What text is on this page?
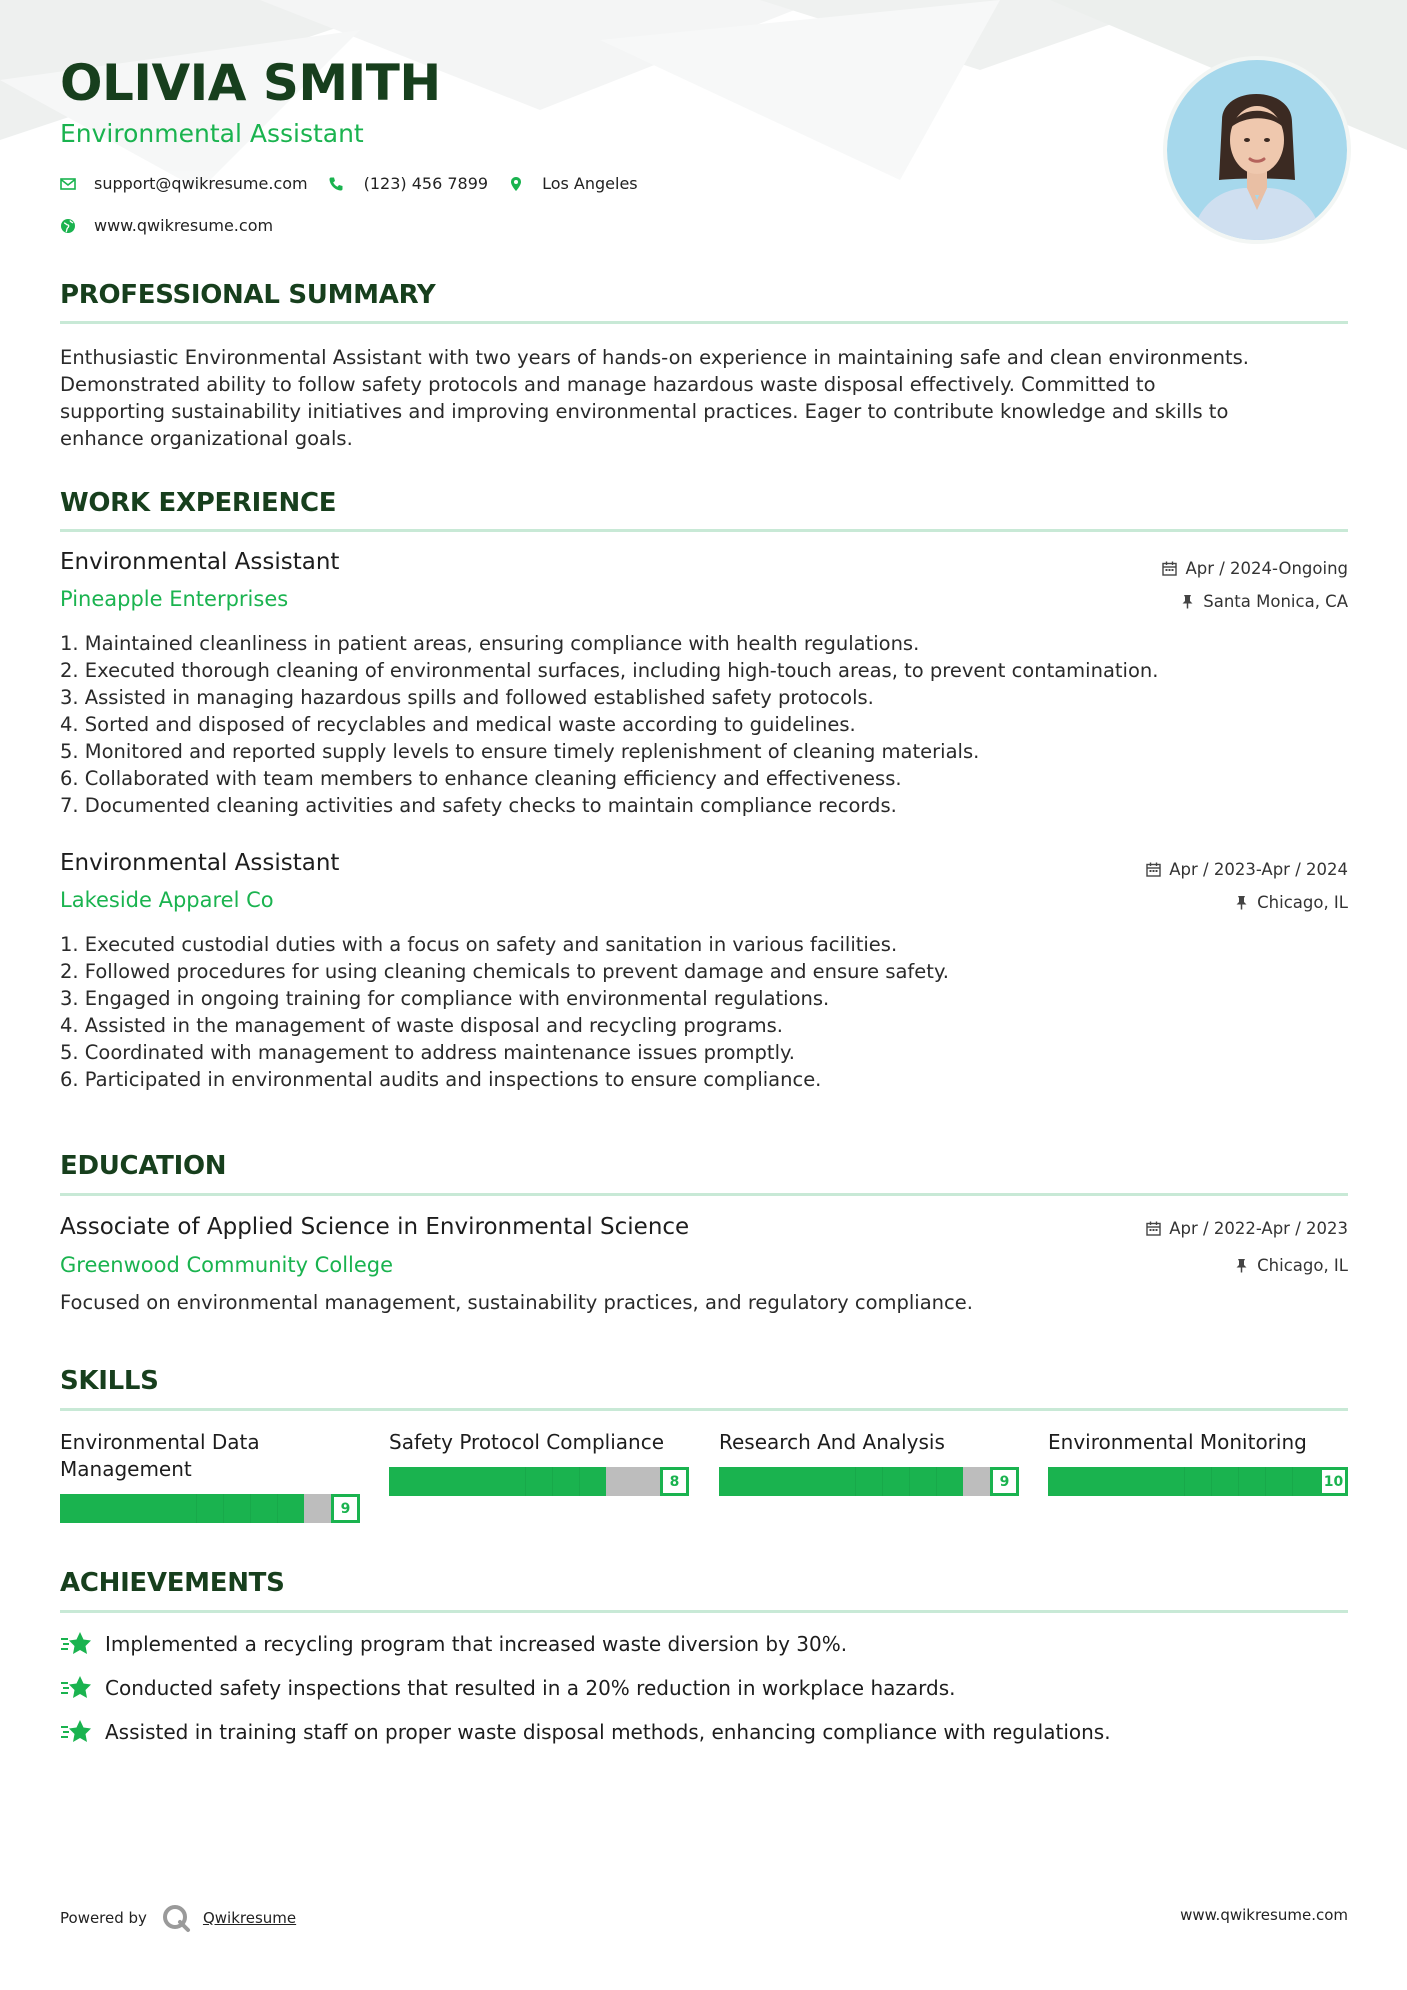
OLIVIA SMITH
Environmental Assistant
support@qwikresume.com	(123) 456 7899	Los Angeles
www.qwikresume.com
PROFESSIONAL SUMMARY
Enthusiastic Environmental Assistant with two years of hands-on experience in maintaining safe and clean environments.
Demonstrated ability to follow safety protocols and manage hazardous waste disposal effectively. Committed to
supporting sustainability initiatives and improving environmental practices. Eager to contribute knowledge and skills to
enhance organizational goals.
WORK EXPERIENCE
Environmental Assistant
Pineapple Enterprises
Apr / 2024-Ongoing
Santa Monica, CA
1. Maintained cleanliness in patient areas, ensuring compliance with health regulations.
2. Executed thorough cleaning of environmental surfaces, including high-touch areas, to prevent contamination.
3. Assisted in managing hazardous spills and followed established safety protocols.
4. Sorted and disposed of recyclables and medical waste according to guidelines.
5. Monitored and reported supply levels to ensure timely replenishment of cleaning materials.
6. Collaborated with team members to enhance cleaning efficiency and effectiveness.
7. Documented cleaning activities and safety checks to maintain compliance records.
Environmental Assistant
Lakeside Apparel Co
Apr / 2023-Apr / 2024
Chicago, IL
1. Executed custodial duties with a focus on safety and sanitation in various facilities.
2. Followed procedures for using cleaning chemicals to prevent damage and ensure safety.
3. Engaged in ongoing training for compliance with environmental regulations.
4. Assisted in the management of waste disposal and recycling programs.
5. Coordinated with management to address maintenance issues promptly.
6. Participated in environmental audits and inspections to ensure compliance.
EDUCATION
Associate of Applied Science in Environmental Science
Greenwood Community College
Apr / 2022-Apr / 2023
Chicago, IL
Focused on environmental management, sustainability practices, and regulatory compliance.
SKILLS
Environmental Data
Management
9
Safety Protocol Compliance
8
Research And Analysis
9
Environmental Monitoring
10
ACHIEVEMENTS
Implemented a recycling program that increased waste diversion by 30%.
Conducted safety inspections that resulted in a 20% reduction in workplace hazards.
Assisted in training staff on proper waste disposal methods, enhancing compliance with regulations.
Powered by	Qwikresume	www.qwikresume.com
